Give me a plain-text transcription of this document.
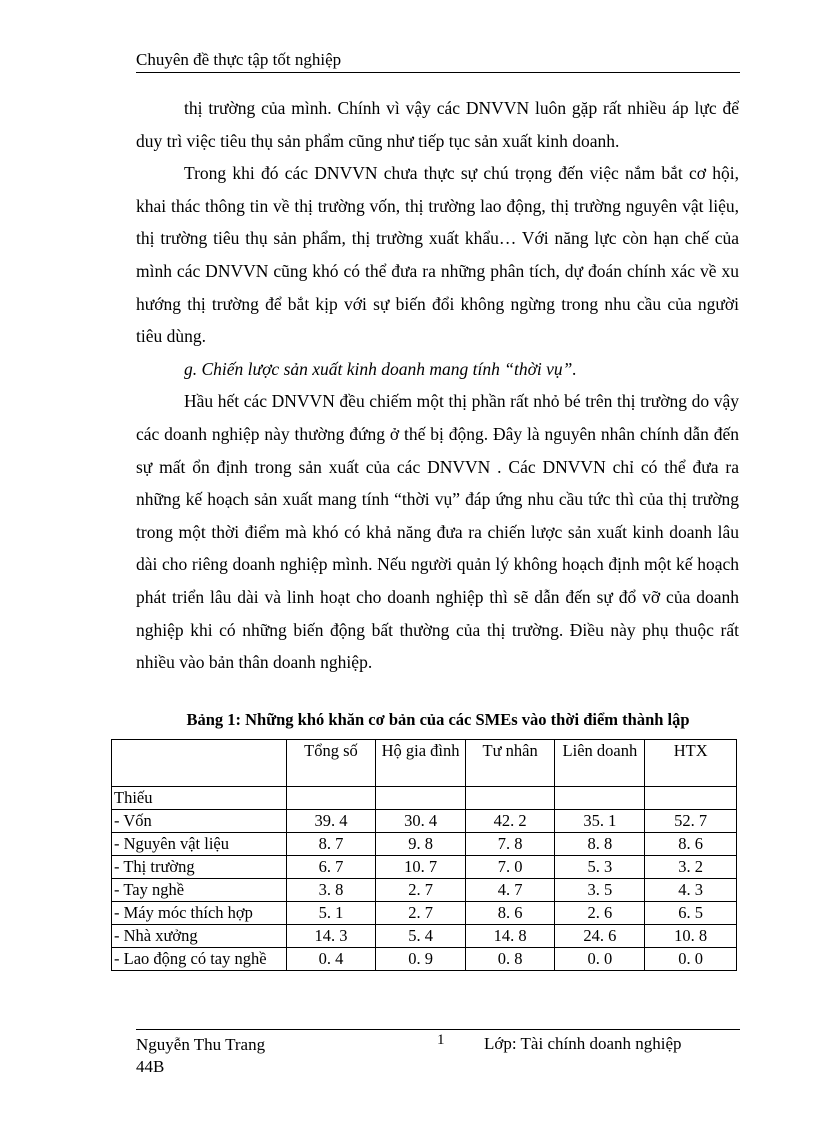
Chuyên đề thực tập tốt nghiệp

thị trường của mình. Chính vì vậy các DNVVN luôn gặp rất nhiều áp lực để duy trì việc tiêu thụ sản phẩm cũng như tiếp tục sản xuất kinh doanh.

Trong khi đó các DNVVN chưa thực sự chú trọng đến việc nắm bắt cơ hội, khai thác thông tin về thị trường vốn, thị trường lao động, thị trường nguyên vật liệu, thị trường tiêu thụ sản phẩm, thị trường xuất khẩu… Với năng lực còn hạn chế của mình các DNVVN cũng khó có thể đưa ra những phân tích, dự đoán chính xác về xu hướng thị trường để bắt kịp với sự biến đổi không ngừng trong nhu cầu của người tiêu dùng.

g. Chiến lược sản xuất kinh doanh mang tính “thời vụ”.

Hầu hết các DNVVN đều chiếm một thị phần rất nhỏ bé trên thị trường do vậy các doanh nghiệp này thường đứng ở thế bị động. Đây là nguyên nhân chính dẫn đến sự mất ổn định trong sản xuất của các DNVVN . Các DNVVN chỉ có thể đưa ra những kế hoạch sản xuất mang tính “thời vụ” đáp ứng nhu cầu tức thì của thị trường trong một thời điểm mà khó có khả năng đưa ra chiến lược sản xuất kinh doanh lâu dài cho riêng doanh nghiệp mình. Nếu người quản lý không hoạch định một kế hoạch phát triển lâu dài và linh hoạt cho doanh nghiệp thì sẽ dẫn đến sự đổ vỡ của doanh nghiệp khi có những biến động bất thường của thị trường. Điều này phụ thuộc rất nhiều vào bản thân doanh nghiệp.

Bảng 1: Những khó khăn cơ bản của các SMEs vào thời điểm thành lập
	Tổng số	Hộ gia đình	Tư nhân	Liên doanh	HTX
Thiếu					
- Vốn	39. 4	30. 4	42. 2	35. 1	52. 7
- Nguyên vật liệu	8. 7	9. 8	7. 8	8. 8	8. 6
- Thị trường	6. 7	10. 7	7. 0	5. 3	3. 2
- Tay nghề	3. 8	2. 7	4. 7	3. 5	4. 3
- Máy móc thích hợp	5. 1	2. 7	8. 6	2. 6	6. 5
- Nhà xưởng	14. 3	5. 4	14. 8	24. 6	10. 8
- Lao động có tay nghề	0. 4	0. 9	0. 8	0. 0	0. 0
Nguyễn Thu Trang
44B
1 Lớp: Tài chính doanh nghiệp
